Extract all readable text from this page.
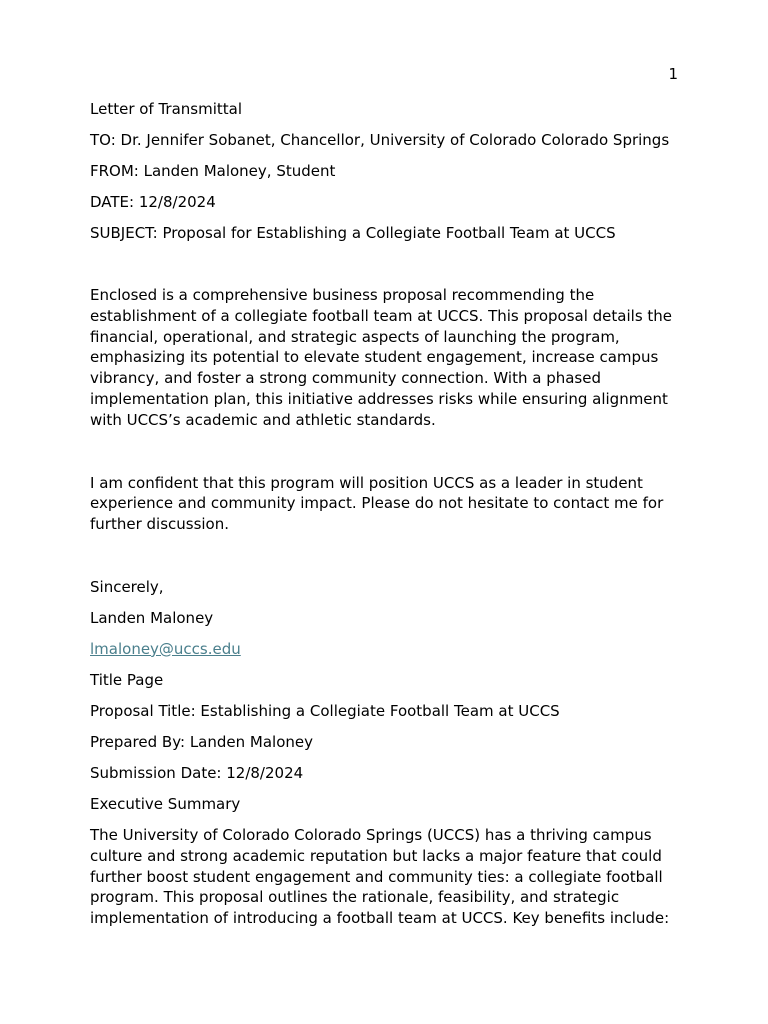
1
Letter of Transmittal
TO: Dr. Jennifer Sobanet, Chancellor, University of Colorado Colorado Springs
FROM: Landen Maloney, Student
DATE: 12/8/2024
SUBJECT: Proposal for Establishing a Collegiate Football Team at UCCS

Enclosed is a comprehensive business proposal recommending the establishment of a collegiate football team at UCCS. This proposal details the financial, operational, and strategic aspects of launching the program, emphasizing its potential to elevate student engagement, increase campus vibrancy, and foster a strong community connection. With a phased implementation plan, this initiative addresses risks while ensuring alignment with UCCS’s academic and athletic standards.

I am confident that this program will position UCCS as a leader in student experience and community impact. Please do not hesitate to contact me for further discussion.

Sincerely,
Landen Maloney
lmaloney@uccs.edu
Title Page
Proposal Title: Establishing a Collegiate Football Team at UCCS
Prepared By: Landen Maloney
Submission Date: 12/8/2024
Executive Summary

The University of Colorado Colorado Springs (UCCS) has a thriving campus culture and strong academic reputation but lacks a major feature that could further boost student engagement and community ties: a collegiate football program. This proposal outlines the rationale, feasibility, and strategic implementation of introducing a football team at UCCS. Key benefits include:
